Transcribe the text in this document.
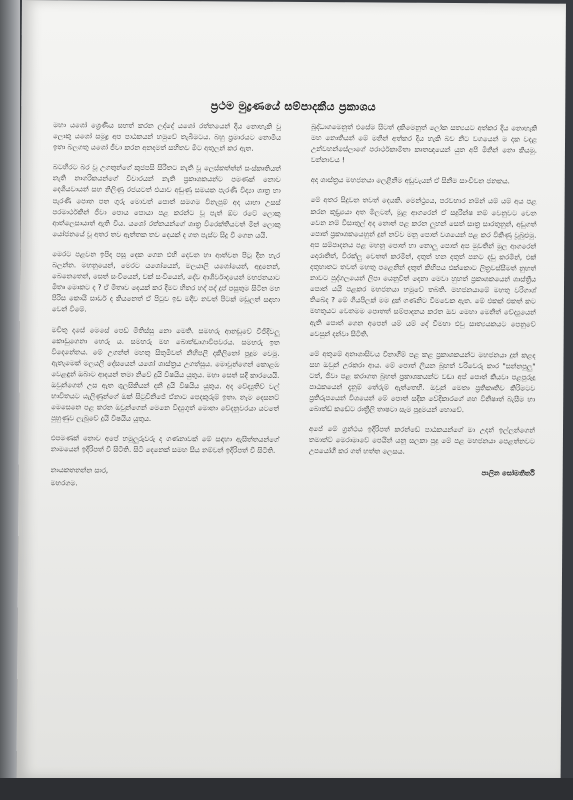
ප්‍රථම මුද්‍රණයේ සම්පාදකීය ප්‍රකාශය

මහා යශෝ ශ්‍රෙණිය සහත් කරන ලද්දේ යශෝ රත්නයෙන් දිය නොහැකි වූ ලොකු යශෝ සමුද්‍ර අප පාඨකයන් හමුවේ තැබීමටය. බහු ප්‍රමාරයට නොමිය ඉතා බලගතු යශෝ ජීවා කරන අනදමත් සහිතව මිට අතුලන් කර ඇත.

බටහිරට බර වූ උගතුන්ගේ කුජපසි සිරිතට නැති වූ ලෙස්කත්ත්න් සංස්කෘතියත් නැති නාගරිකයන්ගේ විචාරයන් නැති ප්‍රකාශකයන්ට පමණක් නොව දෙශියවායන් සහ නිලිණු රජයටත් එයාව අඩුණු සමයක පැරණි විද්‍යා ශාත්‍ර හා පැරණි පොත පත ගුරු මොවත් පොත් සමගම විනැපුම් අද යාහා උසස් පරමාර්ථකින් ජීවා පොය පොයා පළ කරන්ට වූ පැත් ඕට රටේ ලොකු ආත්ලෙසායාත් ඇති විය. යශෝ රත්නයන්ගේ ශාත්‍ර විරෙක්තියටත් මින් ලොකු යෝජනයේ වූ අතර තව ඇත්තක තව දෙයක් ද ගත පැස්ට සිදු වී ගෙන යයි.

මෙරට පළවන ඉපිද පසු දෙක ගෙන එහි දෙවන හා ආත්වන පිටු දීන හැර බලන්න. මහනුයෙන්, මෙරට යශෝයෙන්, මලයාලි යශෝයෙන්, අදුනෙන්, බෙනෙතෙන්, සෙත් සංවියෙන්, චක් සංවියෙන්, දේව ආශිර්වාදයෙන් මහජනයාට මිතෘ මොකට ද ? ඒ මිතෘව දෙයක් කර දීමට හිතර හද් පද් දුප් පසුතුම සිටින මහ පිරිස කොයි සාර්ඩ ද කියනෙත් ඒ පිටුව ඉඩ මදිව නවත් පිටක් මඩුලත් සඳහා වෙන් විමේ.

මචිතු දසේ මෙසේ පෙඩ් මිතිස්සු නො මෙති. සමහරු ආනඩුවේ වීජීදීවලු කොඩුගෙනා හෙරු ය. සමහරු මහ බොත්ඩාගාවිපවරය. සමහරු ඉත විදෙනේනය. මේ උගන්ත් මහතු සිතුමිවත් නිහිපලී දකිලිනෝ පුදුම වෙමු. ඇතැමෙක් මලයලි දේසයෙන් යශෝ ශාස්ත්‍රය උගත්සුය. මොවුන්ගෙන් කොළඹ වෙළඳුන් ඔබාට ආදයන් තමා නිවේ දුයි විෂයිය යුතුය. මහා සෙත් සදි කාරයෙයි. ඔවුන්ගෙන් උස ඇත ශුලසිකියන් දනී දුයි විෂයිය යුතුය. අද වේද්‍යුතිව් වල් භාවිතයට යැලිණුන්ගේ ඔක් සිටුවිනිජේ ඒනාට පෙදකුරුම් ඉතා. නැම දෙසනට් මෙසෙනෙ පළ කරන ඔවුන්ගෙන් මෙනෙ විද්‍යුගුත් මොනා වේදනුවරයා යටතේ පුහුණුව ලැබුවේ දුයි විෂයිය යුතුය.

එපමණක් නොව අපේ හමුලුරුවරු ද ගණනාවක් මේ සඳහා ඇසිත්තයන්ගේ නාමයෙන් ඉදිරිපත් වී සිටිති. සිටි දෙනෙක් සමහ සිය නම්වන් ඉදිරිපත් වී සිටිති.

නායකතනන්න සාර,

මහරගම.

බුද්ධාගමෙනුත් එසේම සිටත් දකිමෙනුත් ලෝක සත්‍යයට අත්කර දිය නොහැකි මහ නොතියන් මේ මනින් අත්කර දිය හැකි බව නිට වගයෙන් ම දක වදළ උන්වහන්සේලාගේ පරාර්ථකාමිතා කෘතඥයෙන් යුත අපි මිනින් නො කියමු. වන්නාවය !

අද ශාස්ත්‍රය මහජනයා ලෙළිනීම අඩුවැයන් ඒ සිනීම සාංචිවන ජනකය.

මේ අතර සිදුවන තවත් දෙයකි. මෙන්ථ්‍ර්‍යය, පරවහාර නම්න් යම් යම් අය පළ කරන කුඩ්‍ර්‍යයා අත මිලටන්, මුළ ආගරෙන් ඒ සදුරින්ෂ නම් වෙනුවට වෙන වෙන නම් වීසාතුල් අද නොත් පළ කරන ලුහන් සෙත් සාත්‍ර සාරතුනුන්, අඩුගත් පොත් ප්‍රකාශකයෙහුන් දුන් නව්ව මනු පොත් වශයෙන් පළ කර විකිණු වූබුළුමු. අප සම්පාදනය පළ මහනු පොත් හා නොලු පොත් අප මුවතින් මුල ආගරෙන් දෙරාතිත්, විරක්ලු වෙතත් කරමින්, දතුත් හන දතුත් පනට දඩු කරමින්, එක් දතුහාතට තවත් මහතු පළෙනින් දතුත් කිහිපය එක්කොට ලිත්‍රවස්සීමත් නුහත් නාවට පුද්ගලයෙන් ලිපා යෙනුවිත් දෙනා මෙවා හුහත් ප්‍රකාශකයෙන් ශාස්ත්‍රීය පොත් යයි පළකර මහජනයා හමුවේ තබති. මහජනයාමේ මහතු වරිගාශ් තිබේද ? මේ ගියපිලක් මම දුක් ගණනිට වීමවෙක ඇත. මේ එකක් එකත් කට මහතුයට වෙනමම පොතත් සම්පාදනය කරත ඔව මෙහා මෙනිත් වේද්‍යුයෙන් ඇති පොත් ගෙන අපෙන් යම් යම් දේ වීමහා එවු සාත්‍යයකයට පෙනුවේ වෙසුන් දන්වා සිටිති.

මේ අතුමේ අනාශාසිවය විනාගිම් පළ කළ ප්‍රකාශකයන්ට මහජනයා දුන් කළද සහ ඔවුන් උරකරා ආය. මේ පොත් ලියන බුහත් වරිවෙරු කාර "සන්නපුලු" ටත්, ජීවා පළ කරාගත බුහත් ප්‍රකාශකයන්ට වඩා අප් පොත් කියවා පළපුරුදු පාඨකයෙන් දැනුම් තේරුම් ඇත්තෙහි. ඔවුන් මෙතා ප්‍රතිකෘතිව කිරිමටව ප්‍රතිරුපයෙන් විශයෙන් මේ පොත් සදීක වේදීකාරගේ ශහ විනිෂාත් බැසීම හා බොත්ඩ් කඩේට රාත්‍රීලි තාෂටා සැම පුදුමයන් හොවේ.

අපේ මේ ග්‍රන්ථය ඉදිරිපත් කරන්ඩේ පාඨකයන්ගේ මා උදන් ඉල්ලන්ගෙන් තමාත්ට් මෙරාමාවේ පෙයින් යනු සලකා පුදු මේ පළ මහජනයා පෙළත්නවට උපයෝගී කර ගත් හත්ත ලෙසය.

පාලින සෝමතීර්ති
